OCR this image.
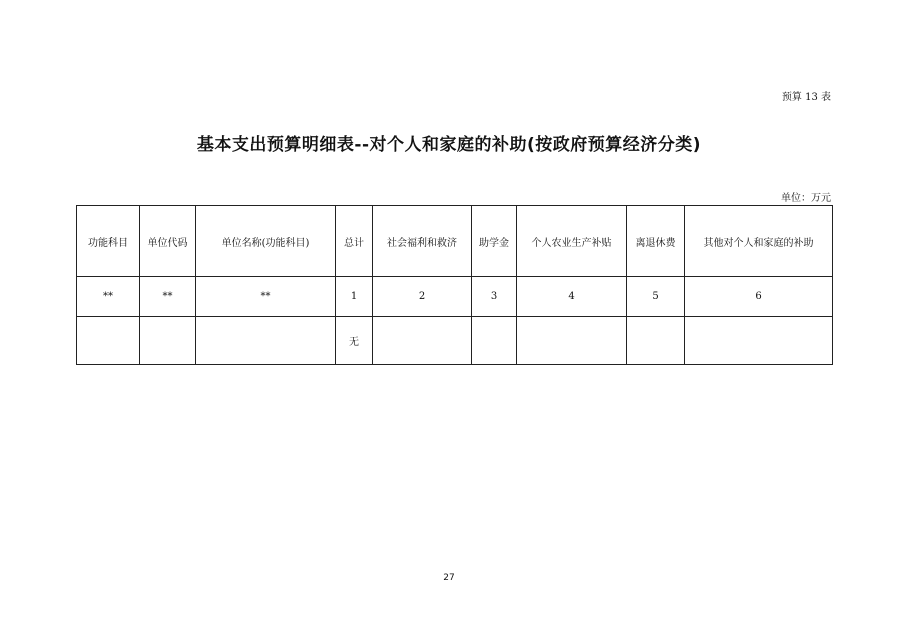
预算 13 表
基本支出预算明细表--对个人和家庭的补助(按政府预算经济分类)
单位：万元
功能科目	单位代码	单位名称(功能科目)	总计	社会福利和救济	助学金	个人农业生产补贴	离退休费	其他对个人和家庭的补助
**	**	**	1	2	3	4	5	6
			无					
27
